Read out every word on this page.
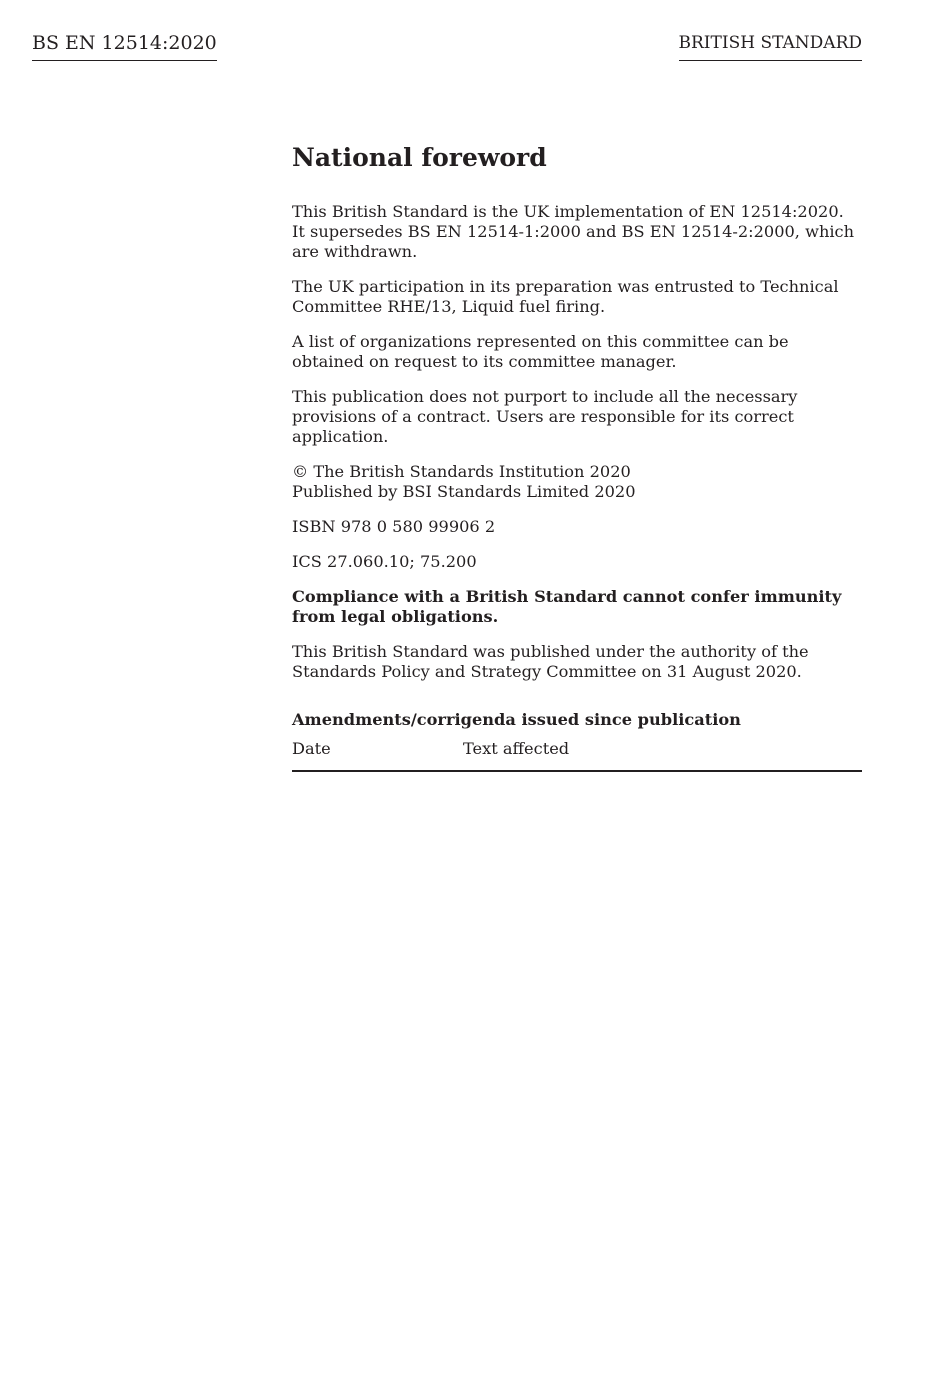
BS EN 12514:2020	BRITISH STANDARD
National foreword

This British Standard is the UK implementation of EN 12514:2020.
It supersedes BS EN 12514-1:2000 and BS EN 12514-2:2000, which are withdrawn.

The UK participation in its preparation was entrusted to Technical Committee RHE/13, Liquid fuel firing.

A list of organizations represented on this committee can be obtained on request to its committee manager.

This publication does not purport to include all the necessary provisions of a contract. Users are responsible for its correct application.

© The British Standards Institution 2020
Published by BSI Standards Limited 2020

ISBN 978 0 580 99906 2

ICS 27.060.10; 75.200

Compliance with a British Standard cannot confer immunity from legal obligations.

This British Standard was published under the authority of the Standards Policy and Strategy Committee on 31 August 2020.

Amendments/corrigenda issued since publication
Date	Text affected
